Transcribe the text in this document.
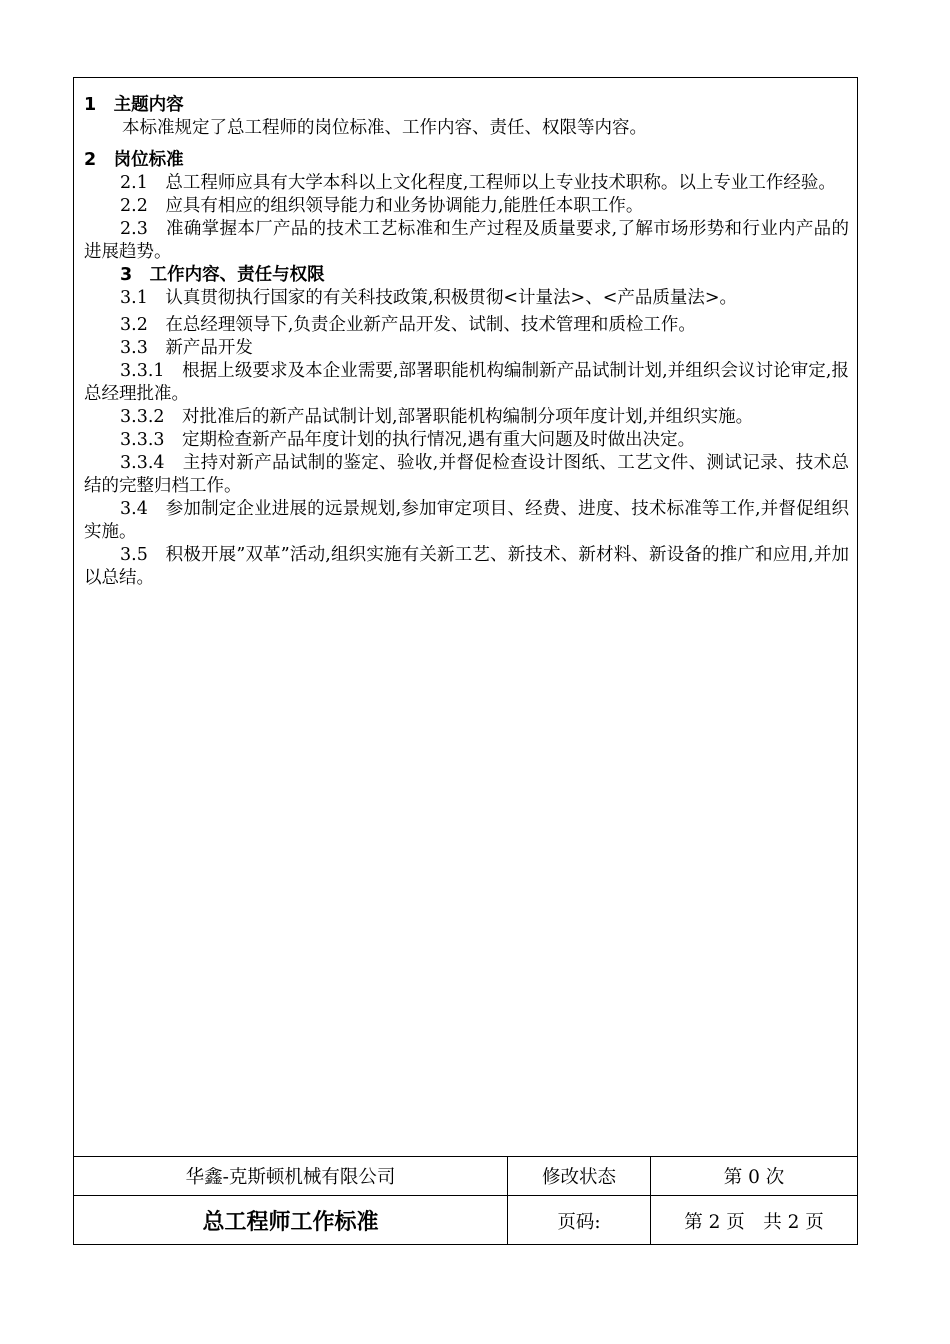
1　主题内容

本标准规定了总工程师的岗位标准、工作内容、责任、权限等内容。

2　岗位标准

2.1　总工程师应具有大学本科以上文化程度,工程师以上专业技术职称。以上专业工作经验。

2.2　应具有相应的组织领导能力和业务协调能力,能胜任本职工作。

2.3　准确掌握本厂产品的技术工艺标准和生产过程及质量要求,了解市场形势和行业内产品的进展趋势。

3　工作内容、责任与权限

3.1　认真贯彻执行国家的有关科技政策,积极贯彻<计量法>、<产品质量法>。

3.2　在总经理领导下,负责企业新产品开发、试制、技术管理和质检工作。

3.3　新产品开发

3.3.1　根据上级要求及本企业需要,部署职能机构编制新产品试制计划,并组织会议讨论审定,报总经理批准。

3.3.2　对批准后的新产品试制计划,部署职能机构编制分项年度计划,并组织实施。

3.3.3　定期检查新产品年度计划的执行情况,遇有重大问题及时做出决定。

3.3.4　主持对新产品试制的鉴定、验收,并督促检查设计图纸、工艺文件、测试记录、技术总结的完整归档工作。

3.4　参加制定企业进展的远景规划,参加审定项目、经费、进度、技术标准等工作,并督促组织实施。

3.5　积极开展”双革”活动,组织实施有关新工艺、新技术、新材料、新设备的推广和应用,并加以总结。

华鑫-克斯顿机械有限公司	修改状态	第 0 次
总工程师工作标准	页码:	第 2 页　共 2 页
